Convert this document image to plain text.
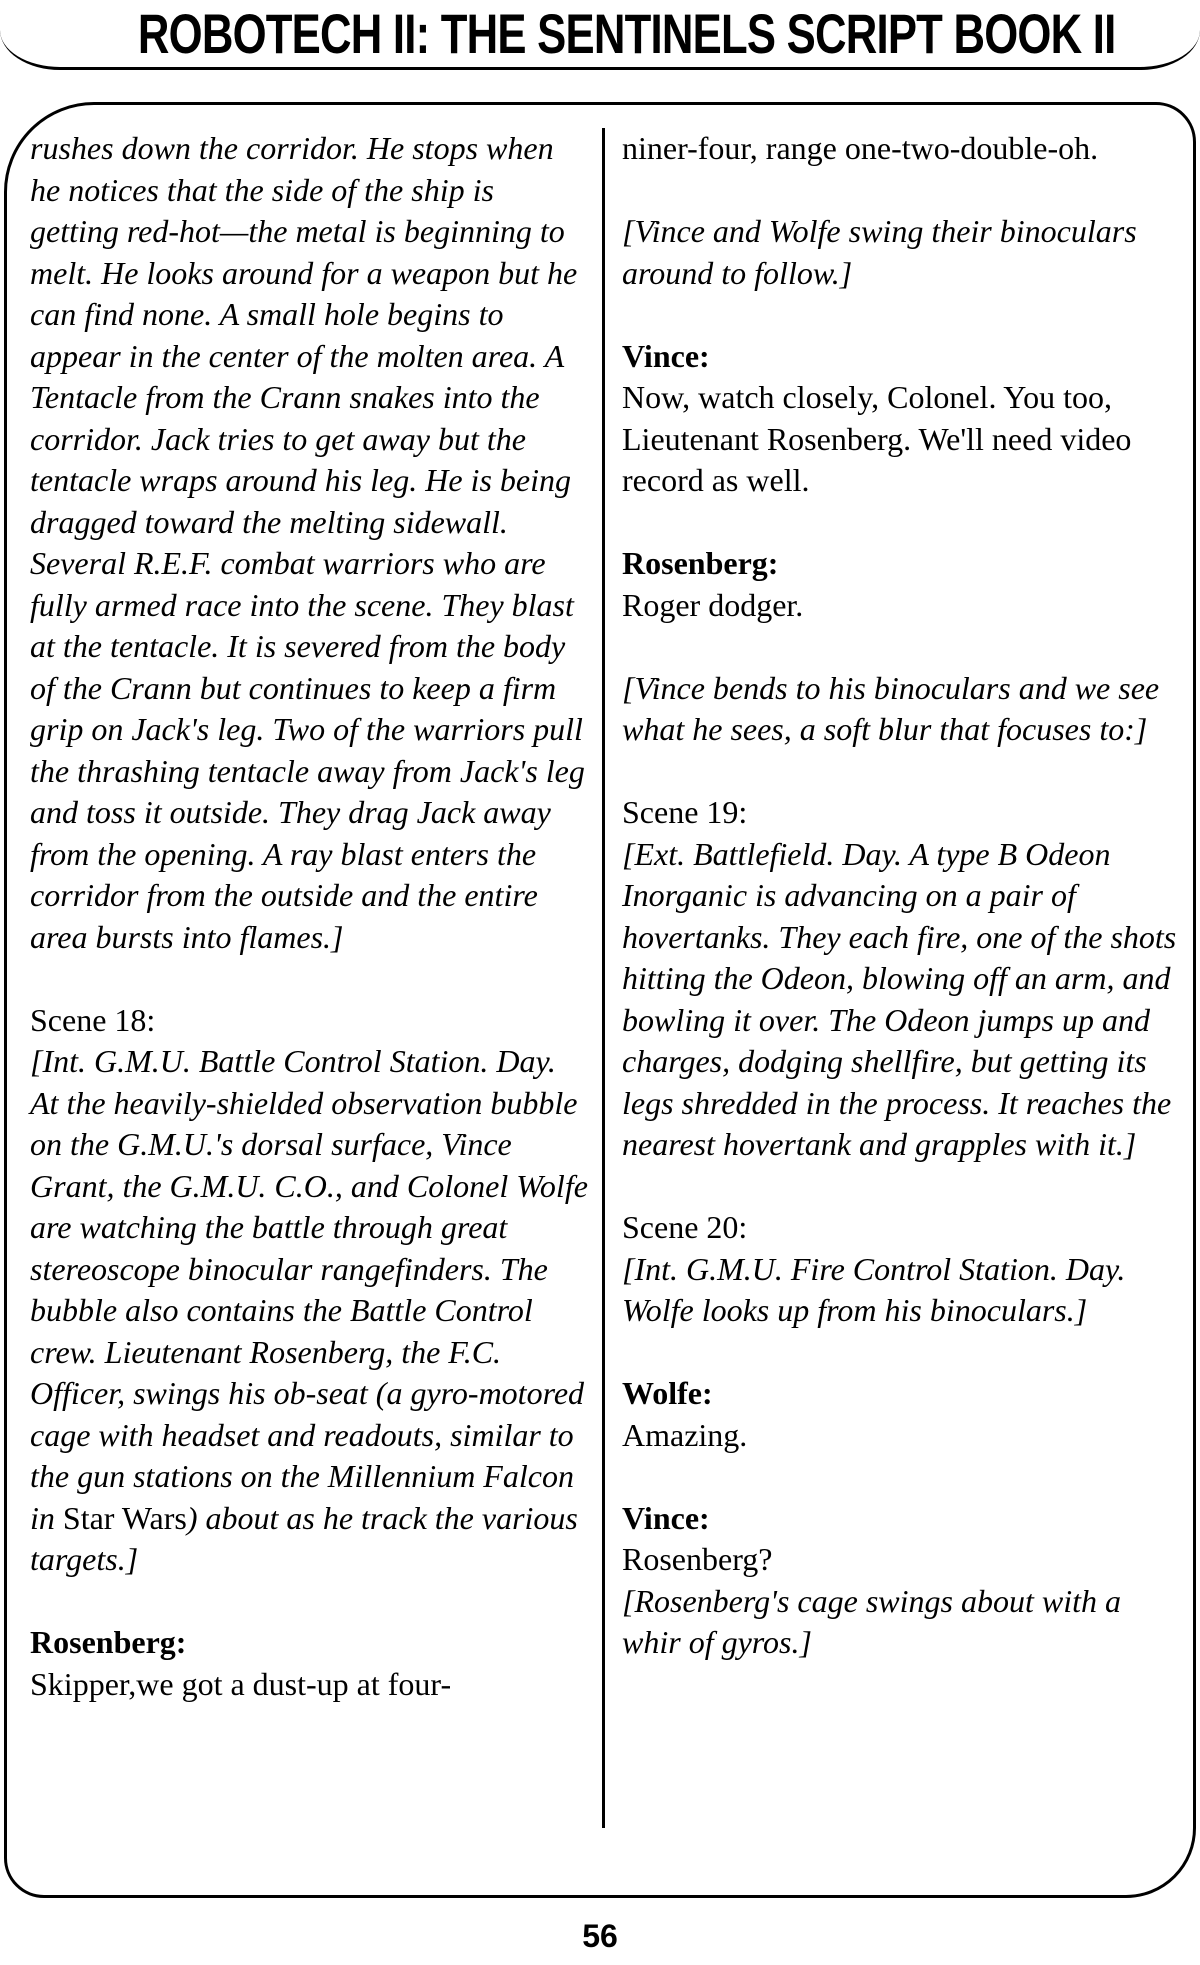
ROBOTECH II: THE SENTINELS SCRIPT BOOK II

rushes down the corridor. He stops when he notices that the side of the ship is getting red-hot—the metal is beginning to melt. He looks around for a weapon but he can find none. A small hole begins to appear in the center of the molten area. A Tentacle from the Crann snakes into the corridor. Jack tries to get away but the tentacle wraps around his leg. He is being dragged toward the melting sidewall. Several R.E.F. combat warriors who are fully armed race into the scene. They blast at the tentacle. It is severed from the body of the Crann but continues to keep a firm grip on Jack's leg. Two of the warriors pull the thrashing tentacle away from Jack's leg and toss it outside. They drag Jack away from the opening. A ray blast enters the corridor from the outside and the entire area bursts into flames.]

Scene 18:
[Int. G.M.U. Battle Control Station. Day. At the heavily-shielded observation bubble on the G.M.U.'s dorsal surface, Vince Grant, the G.M.U. C.O., and Colonel Wolfe are watching the battle through great stereoscope binocular rangefinders. The bubble also contains the Battle Control crew. Lieutenant Rosenberg, the F.C. Officer, swings his ob-seat (a gyro-motored cage with headset and readouts, similar to the gun stations on the Millennium Falcon in Star Wars) about as he track the various targets.]

Rosenberg:
Skipper,we got a dust-up at four-

niner-four, range one-two-double-oh.

[Vince and Wolfe swing their binoculars around to follow.]

Vince:
Now, watch closely, Colonel. You too, Lieutenant Rosenberg. We'll need video record as well.

Rosenberg:
Roger dodger.

[Vince bends to his binoculars and we see what he sees, a soft blur that focuses to:]

Scene 19:
[Ext. Battlefield. Day. A type B Odeon Inorganic is advancing on a pair of hovertanks. They each fire, one of the shots hitting the Odeon, blowing off an arm, and bowling it over. The Odeon jumps up and charges, dodging shellfire, but getting its legs shredded in the process. It reaches the nearest hovertank and grapples with it.]

Scene 20:
[Int. G.M.U. Fire Control Station. Day. Wolfe looks up from his binoculars.]

Wolfe:
Amazing.

Vince:
Rosenberg?
[Rosenberg's cage swings about with a whir of gyros.]

56
